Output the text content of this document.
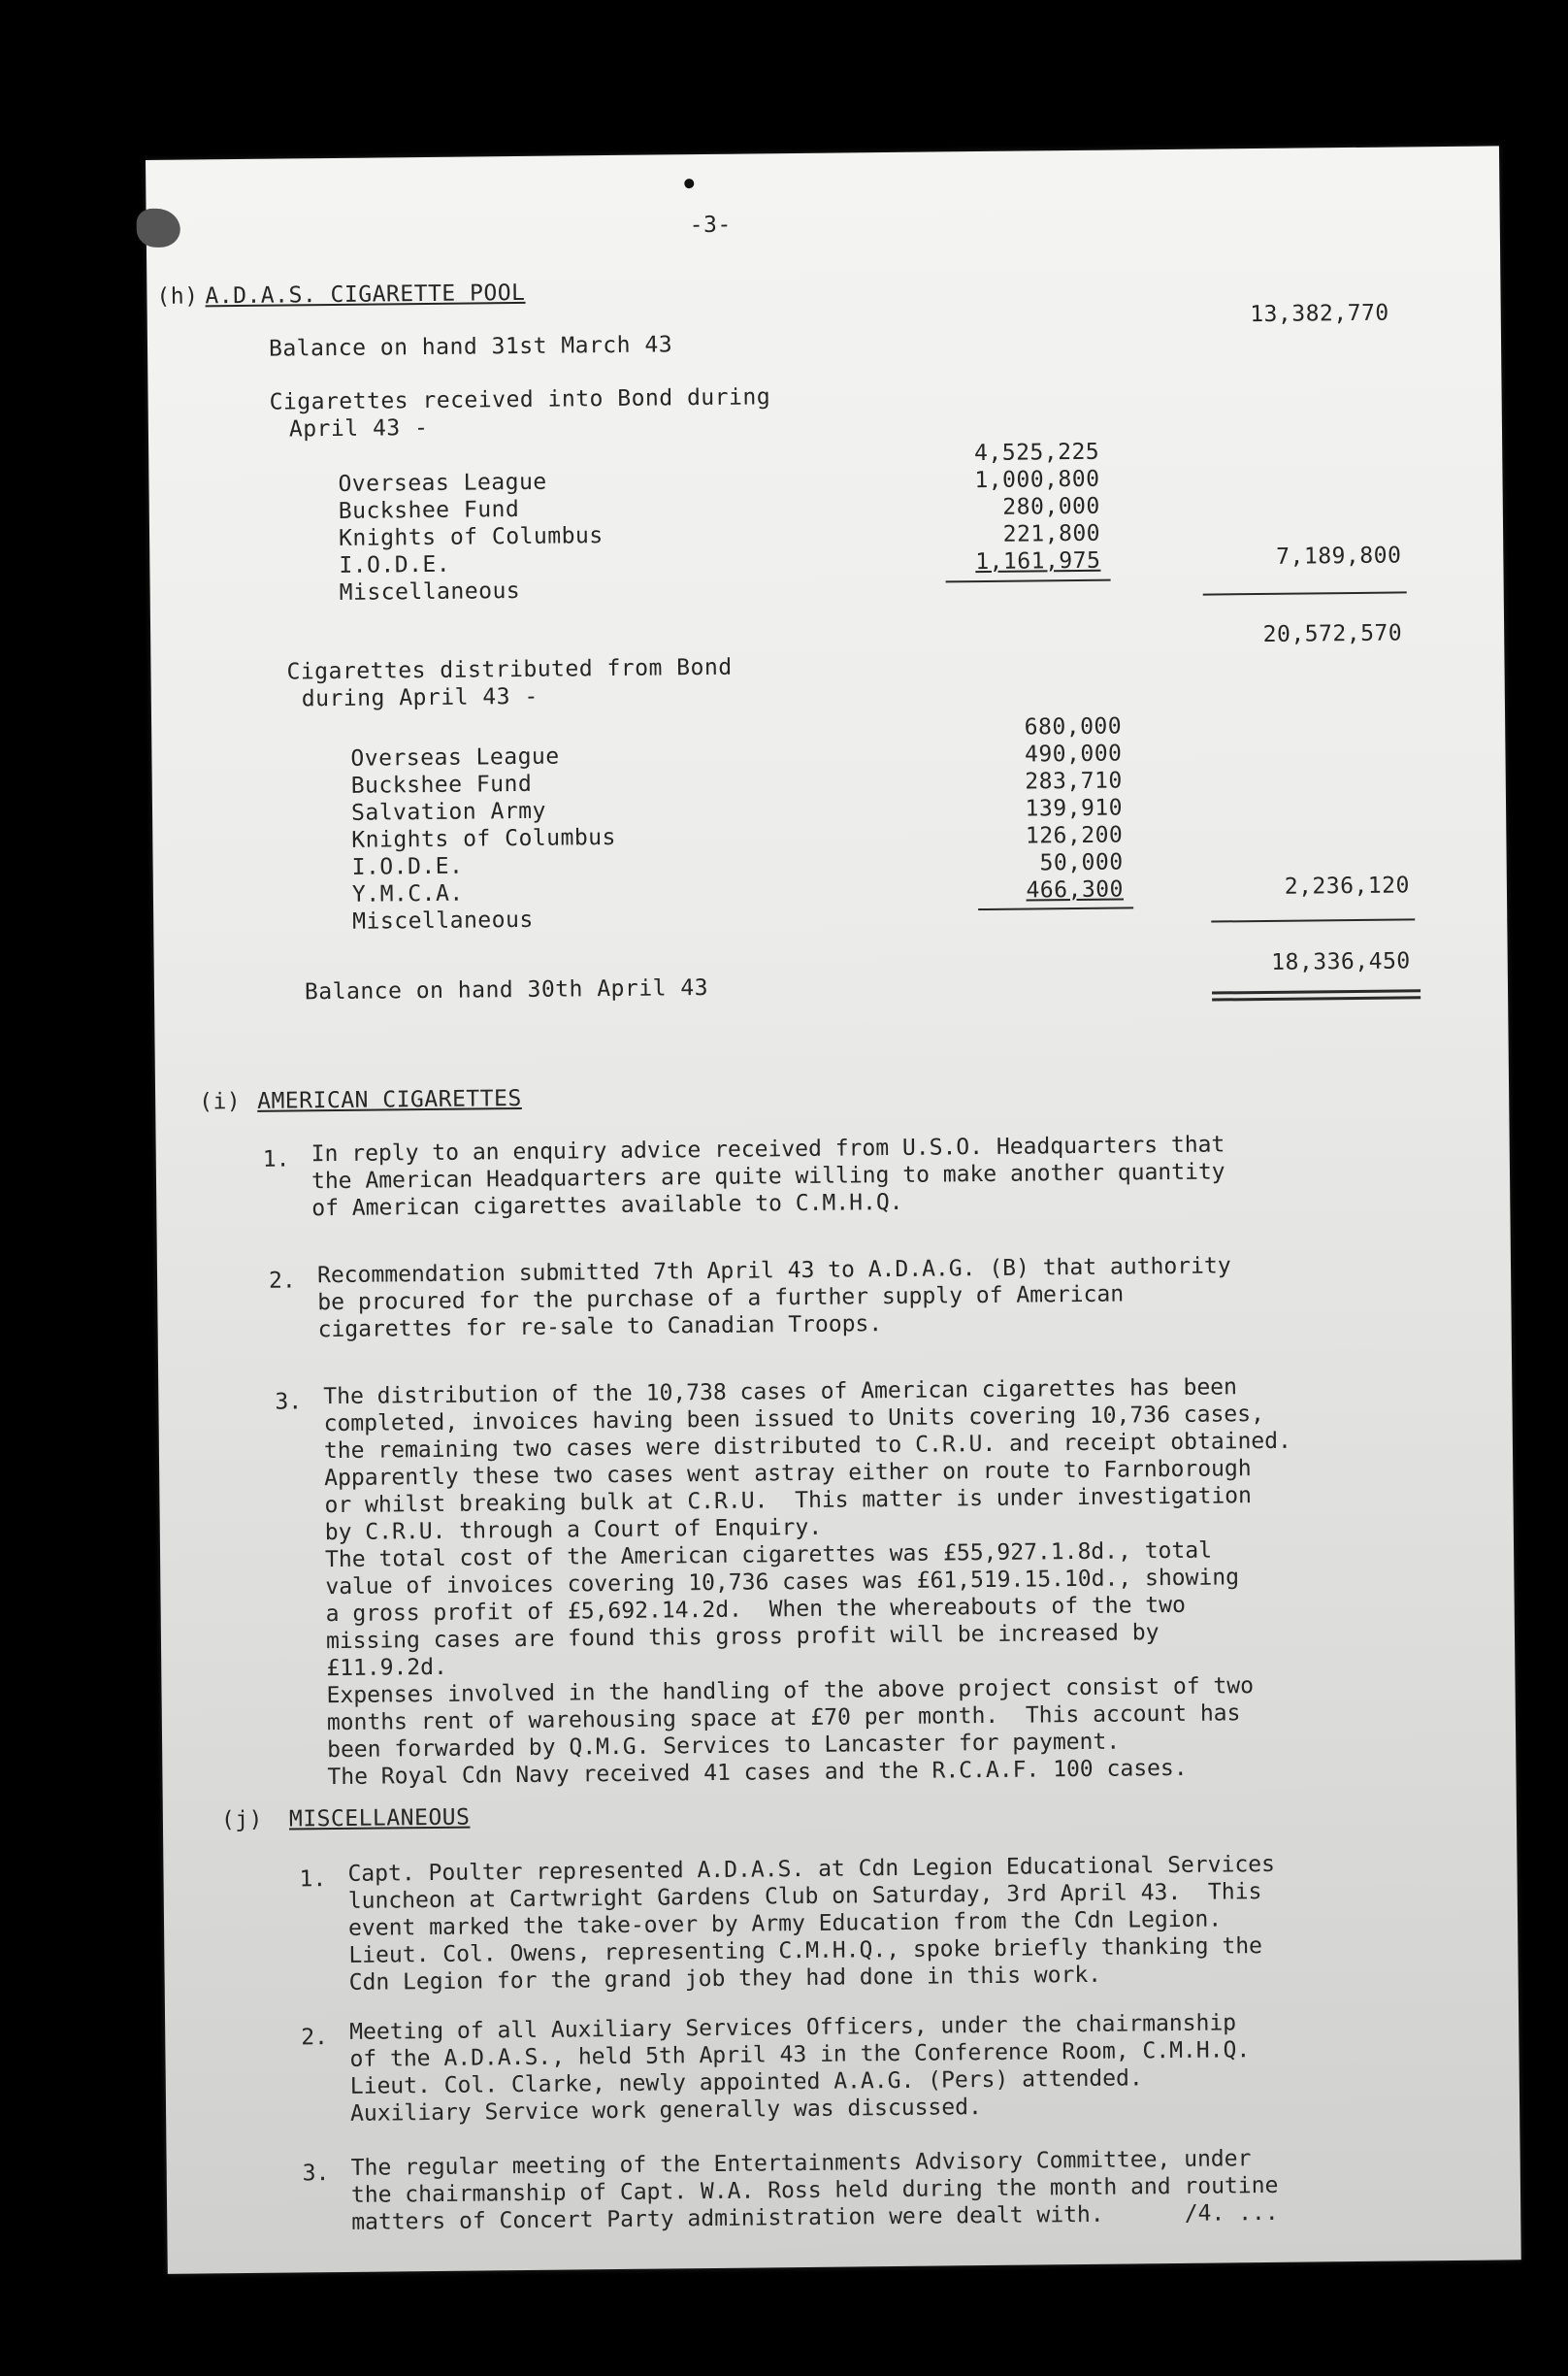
-3-
(h) A.D.A.S. CIGARETTE POOL
Balance on hand 31st March 43
13,382,770
Cigarettes received into Bond during
April 43 -
Overseas League
Buckshee Fund
Knights of Columbus
I.O.D.E.
Miscellaneous
4,525,225
1,000,800
280,000
221,800
1,161,975	7,189,800
20,572,570
Cigarettes distributed from Bond
during April 43 -
Overseas League
Buckshee Fund
Salvation Army
Knights of Columbus
I.O.D.E.
Y.M.C.A.
Miscellaneous
680,000
490,000
283,710
139,910
126,200
50,000
466,300	2,236,120
Balance on hand 30th April 43
18,336,450
(i) AMERICAN CIGARETTES
1. In reply to an enquiry advice received from U.S.O. Headquarters that
the American Headquarters are quite willing to make another quantity
of American cigarettes available to C.M.H.Q.
2. Recommendation submitted 7th April 43 to A.D.A.G. (B) that authority
be procured for the purchase of a further supply of American
cigarettes for re-sale to Canadian Troops.
3. The distribution of the 10,738 cases of American cigarettes has been
completed, invoices having been issued to Units covering 10,736 cases,
the remaining two cases were distributed to C.R.U. and receipt obtained.
Apparently these two cases went astray either on route to Farnborough
or whilst breaking bulk at C.R.U.  This matter is under investigation
by C.R.U. through a Court of Enquiry.
The total cost of the American cigarettes was £55,927.1.8d., total
value of invoices covering 10,736 cases was £61,519.15.10d., showing
a gross profit of £5,692.14.2d.  When the whereabouts of the two
missing cases are found this gross profit will be increased by
£11.9.2d.
Expenses involved in the handling of the above project consist of two
months rent of warehousing space at £70 per month.  This account has
been forwarded by Q.M.G. Services to Lancaster for payment.
The Royal Cdn Navy received 41 cases and the R.C.A.F. 100 cases.
(j) MISCELLANEOUS
1. Capt. Poulter represented A.D.A.S. at Cdn Legion Educational Services
luncheon at Cartwright Gardens Club on Saturday, 3rd April 43.  This
event marked the take-over by Army Education from the Cdn Legion.
Lieut. Col. Owens, representing C.M.H.Q., spoke briefly thanking the
Cdn Legion for the grand job they had done in this work.
2. Meeting of all Auxiliary Services Officers, under the chairmanship
of the A.D.A.S., held 5th April 43 in the Conference Room, C.M.H.Q.
Lieut. Col. Clarke, newly appointed A.A.G. (Pers) attended.
Auxiliary Service work generally was discussed.
3. The regular meeting of the Entertainments Advisory Committee, under
the chairmanship of Capt. W.A. Ross held during the month and routine
matters of Concert Party administration were dealt with.      /4. ...
